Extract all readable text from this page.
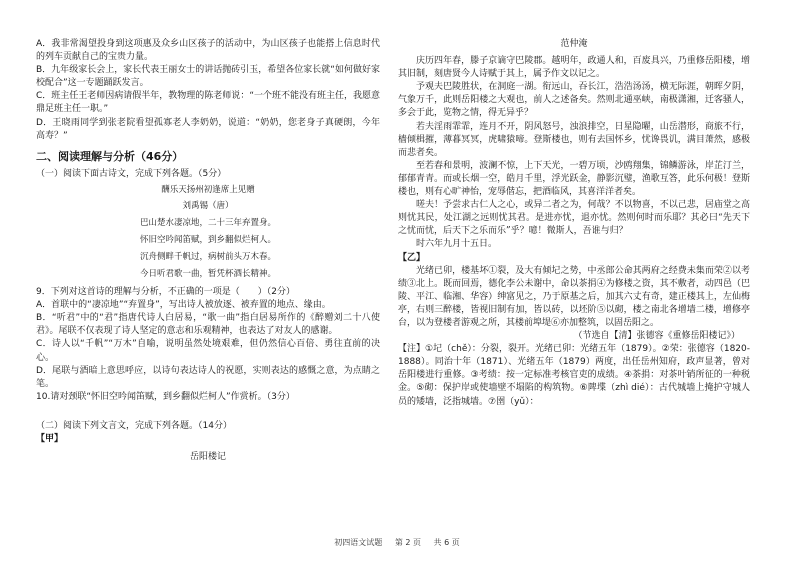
A．我非常渴望投身到这项惠及众乡山区孩子的活动中，为山区孩子也能搭上信息时代的列车贡献自己的宝贵力量。

B．九年级家长会上，家长代表王丽女士的讲话抛砖引玉，希望各位家长就“如何做好家校配合”这一专题踊跃发言。

C．班主任王老师因病请假半年，教物理的陈老师说：“一个班不能没有班主任，我愿意鼎足班主任一职。”

D．王晓雨同学到张老院看望孤寡老人李奶奶，说道：“奶奶，您老身子真硬朗，今年高寿？”

二、阅读理解与分析（46分）

（一）阅读下面古诗文，完成下列各题。（5分）

酬乐天扬州初逢席上见赠

刘禹锡（唐）

巴山楚水凄凉地，二十三年弃置身。

怀旧空吟闻笛赋，到乡翻似烂柯人。

沉舟侧畔千帆过，病树前头万木春。

今日听君歌一曲，暂凭杯酒长精神。

9．下列对这首诗的理解与分析，不正确的一项是（　　）（2分）

A．首联中的“凄凉地”“弃置身”，写出诗人被放逐、被弃置的地点、缘由。

B．“听君”中的“君”指唐代诗人白居易，“歌一曲”指白居易所作的《醉赠刘二十八使君》。尾联不仅表现了诗人坚定的意志和乐观精神，也表达了对友人的感谢。

C．诗人以“千帆”“万木”自喻，说明虽然处境艰难，但仍然信心百倍、勇往直前的决心。

D．尾联与酒暗上意思呼应，以诗句表达诗人的祝愿，实则表达的感慨之意，为点睛之笔。

10.请对颈联“怀旧空吟闻笛赋，到乡翻似烂柯人”作赏析。（3分）

（二）阅读下列文言文，完成下列各题。（14分）

【甲】

岳阳楼记

范仲淹

庆历四年春，滕子京谪守巴陵郡。越明年，政通人和，百废具兴，乃重修岳阳楼，增其旧制，刻唐贤今人诗赋于其上，属予作文以记之。

予观夫巴陵胜状，在洞庭一湖。衔远山，吞长江，浩浩汤汤，横无际涯，朝晖夕阴，气象万千，此则岳阳楼之大观也，前人之述备矣。然则北通巫峡，南极潇湘，迁客骚人，多会于此，览物之情，得无异乎？

若夫淫雨霏霏，连月不开，阴风怒号，浊浪排空，日星隐曜，山岳潜形，商旅不行，樯倾楫摧，薄暮冥冥，虎啸猿啼。登斯楼也，则有去国怀乡，忧谗畏讥，满目萧然，感极而悲者矣。

至若春和景明，波澜不惊，上下天光，一碧万顷，沙鸥翔集，锦鳞游泳，岸芷汀兰，郁郁青青。而或长烟一空，皓月千里，浮光跃金，静影沉璧，渔歌互答，此乐何极！登斯楼也，则有心旷神怡，宠辱偕忘，把酒临风，其喜洋洋者矣。

嗟夫！予尝求古仁人之心，或异二者之为，何哉？不以物喜，不以己悲，居庙堂之高则忧其民，处江湖之远则忧其君。是进亦忧，退亦忧。然则何时而乐耶？其必曰“先天下之忧而忧，后天下之乐而乐”乎？噫！微斯人，吾谁与归？

时六年九月十五日。

【乙】

光绪已卯，楼基坏①裂，及大有倾圮之势，中丞郎公命其两府之经费未集而荣②以考绩③北上。既而回焉，德化李公未谢中，命以茶捐④为修楼之资，其不敷者，动四邑（巴陵、平江、临湘、华容）绅富见之，乃于原基之后，加其六丈有奇，建正楼其上，左仙梅亭，右则三醉楼，皆视旧制有加，皆以砖，以坯阶⑤以砌，楼之南北各增墙二楼，增修亭台，以为登楼者游观之所，其楼前埠堤⑥亦加整筑，以固岳阳之。

（节选自【清】张德容《重修岳阳楼记》）

【注】①圮（chě）：分裂，裂开。光绪已卯：光绪五年（1879）。②荣：张德容（1820-1888）。同治十年（1871）、光绪五年（1879）两度，出任岳州知府，政声显著，曾对岳阳楼进行重修。③考绩：按一定标准考核官吏的成绩。④茶捐：对茶叶销所征的一种税金。⑤砌：保护岸或使墙壁不塌陷的构筑物。⑥陴堞（zhì dié）：古代城墙上掩护守城人员的矮墙，泛指城墙。⑦圉（yǔ）：

初四语文试题 第 2 页 共 6 页
